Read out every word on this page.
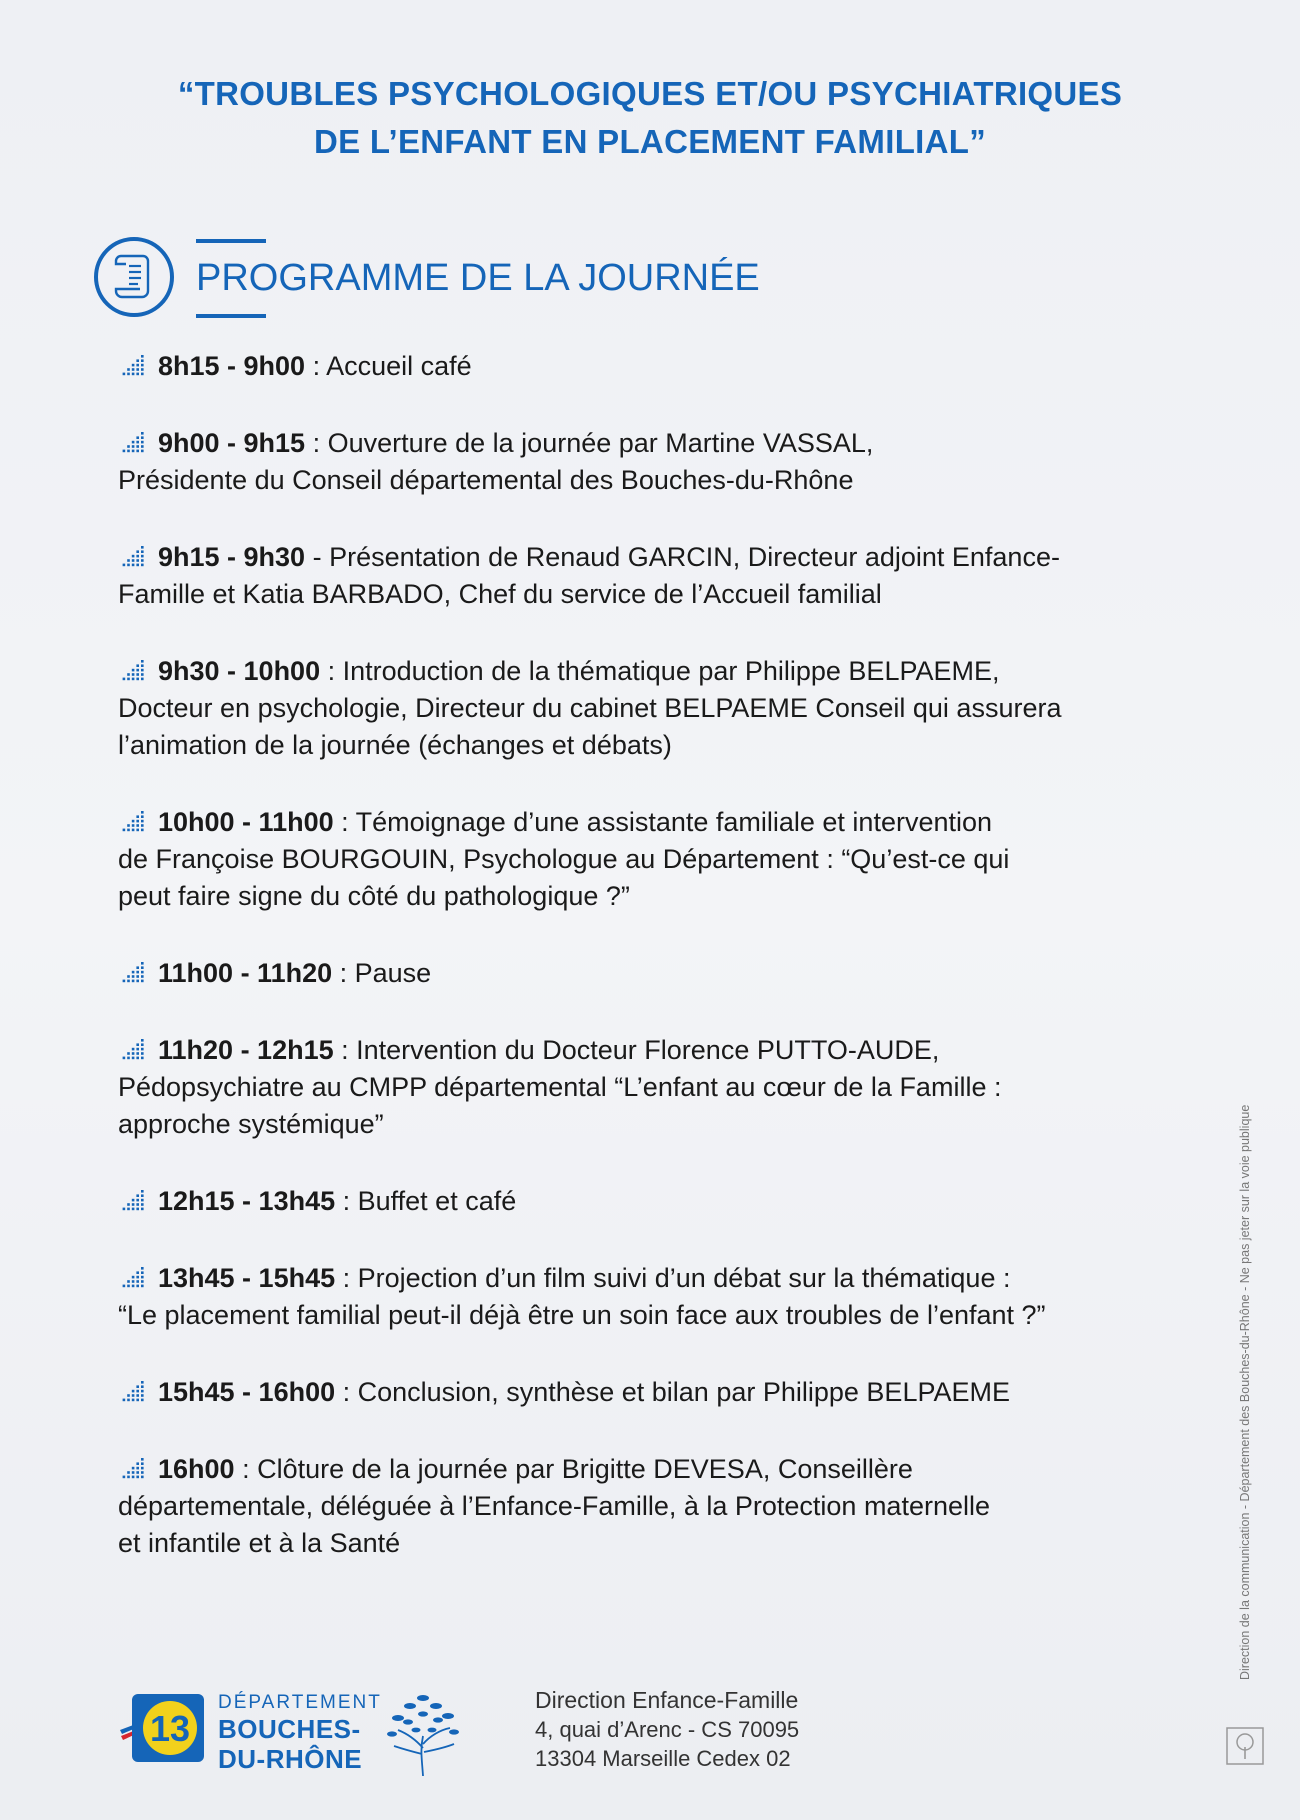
“TROUBLES PSYCHOLOGIQUES ET/OU PSYCHIATRIQUES
DE L’ENFANT EN PLACEMENT FAMILIAL”
PROGRAMME DE LA JOURNÉE
8h15 - 9h00 : Accueil café
9h00 - 9h15 : Ouverture de la journée par Martine VASSAL,
Présidente du Conseil départemental des Bouches-du-Rhône
9h15 - 9h30 - Présentation de Renaud GARCIN, Directeur adjoint Enfance-
Famille et Katia BARBADO, Chef du service de l’Accueil familial
9h30 - 10h00 : Introduction de la thématique par Philippe BELPAEME,
Docteur en psychologie, Directeur du cabinet BELPAEME Conseil qui assurera
l’animation de la journée (échanges et débats)
10h00 - 11h00 : Témoignage d’une assistante familiale et intervention
de Françoise BOURGOUIN, Psychologue au Département : “Qu’est-ce qui
peut faire signe du côté du pathologique ?”
11h00 - 11h20 : Pause
11h20 - 12h15 : Intervention du Docteur Florence PUTTO-AUDE,
Pédopsychiatre au CMPP départemental “L’enfant au cœur de la Famille :
approche systémique”
12h15 - 13h45 : Buffet et café
13h45 - 15h45 : Projection d’un film suivi d’un débat sur la thématique :
“Le placement familial peut-il déjà être un soin face aux troubles de l’enfant ?”
15h45 - 16h00 : Conclusion, synthèse et bilan par Philippe BELPAEME
16h00 : Clôture de la journée par Brigitte DEVESA, Conseillère
départementale, déléguée à l’Enfance-Famille, à la Protection maternelle
et infantile et à la Santé	Direction de la communication - Département des Bouches-du-Rhône - Ne pas jeter sur la voie publique
13
DÉPARTEMENT
BOUCHES-
DU-RHÔNE
Direction Enfance-Famille
4, quai d’Arenc - CS 70095
13304 Marseille Cedex 02
